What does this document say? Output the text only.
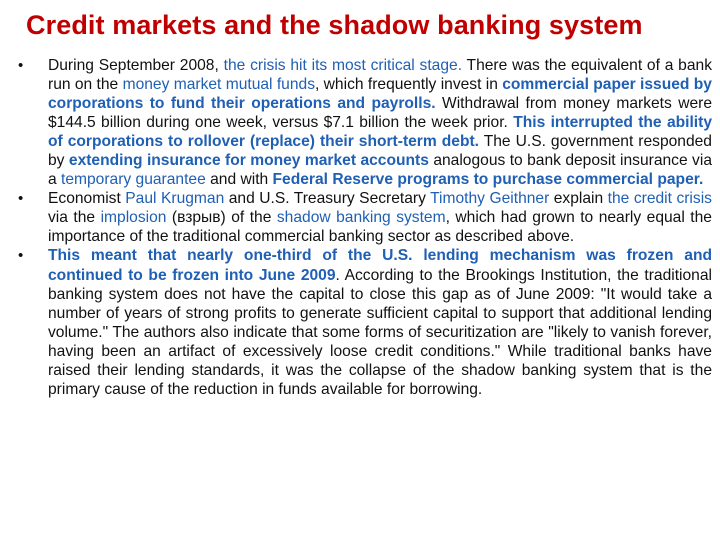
Credit markets and the shadow banking system
•	During September 2008, the crisis hit its most critical stage. There was the equivalent of a bank run on the money market mutual funds, which frequently invest in commercial paper issued by corporations to fund their operations and payrolls. Withdrawal from money markets were $144.5 billion during one week, versus $7.1 billion the week prior. This interrupted the ability of corporations to rollover (replace) their short-term debt. The U.S. government responded by extending insurance for money market accounts analogous to bank deposit insurance via a temporary guarantee and with Federal Reserve programs to purchase commercial paper.
•	Economist Paul Krugman and U.S. Treasury Secretary Timothy Geithner explain the credit crisis via the implosion (взрыв) of the shadow banking system, which had grown to nearly equal the importance of the traditional commercial banking sector as described above.
•	This meant that nearly one-third of the U.S. lending mechanism was frozen and continued to be frozen into June 2009. According to the Brookings Institution, the traditional banking system does not have the capital to close this gap as of June 2009: "It would take a number of years of strong profits to generate sufficient capital to support that additional lending volume." The authors also indicate that some forms of securitization are "likely to vanish forever, having been an artifact of excessively loose credit conditions." While traditional banks have raised their lending standards, it was the collapse of the shadow banking system that is the primary cause of the reduction in funds available for borrowing.
